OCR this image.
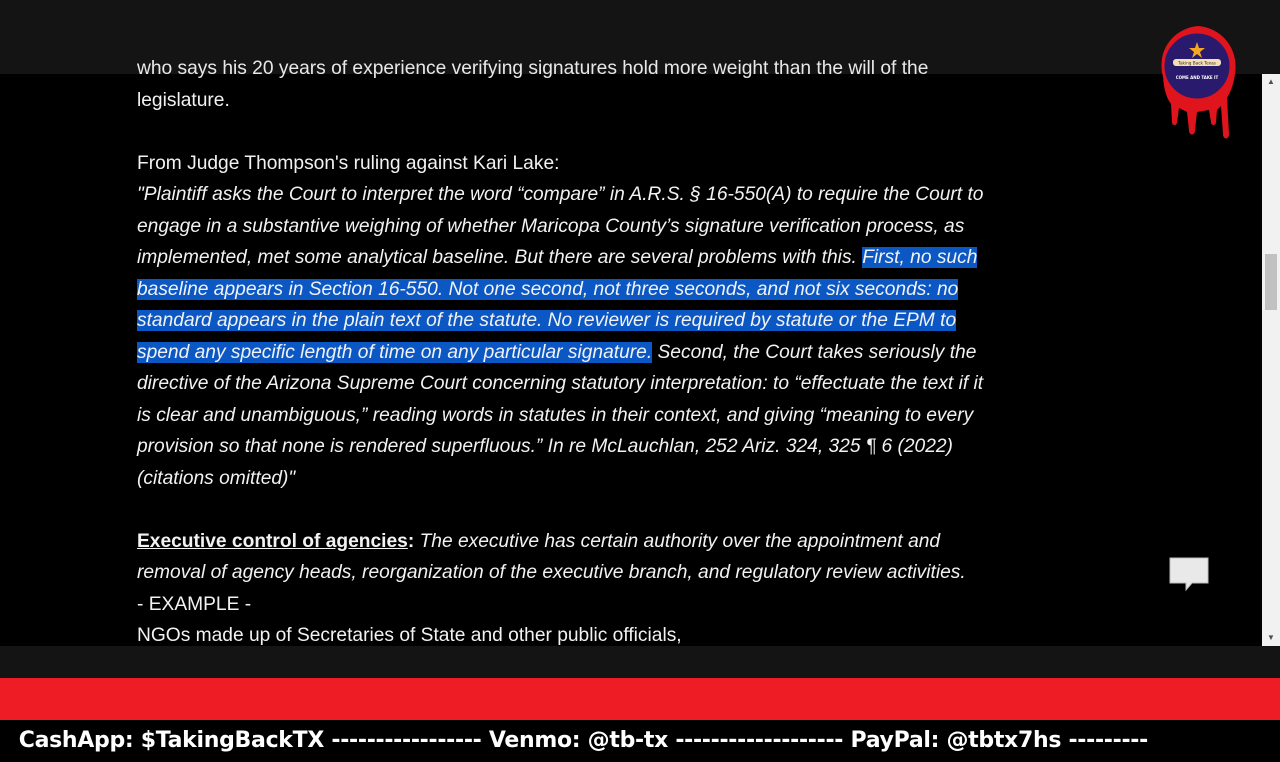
who says his 20 years of experience verifying signatures hold more weight than the will of the

legislature.

From Judge Thompson's ruling against Kari Lake:

"Plaintiff asks the Court to interpret the word “compare” in A.R.S. § 16-550(A) to require the Court to

engage in a substantive weighing of whether Maricopa County’s signature verification process, as

implemented, met some analytical baseline. But there are several problems with this. First, no such

baseline appears in Section 16-550. Not one second, not three seconds, and not six seconds: no

standard appears in the plain text of the statute. No reviewer is required by statute or the EPM to

spend any specific length of time on any particular signature. Second, the Court takes seriously the

directive of the Arizona Supreme Court concerning statutory interpretation: to “effectuate the text if it

is clear and unambiguous,” reading words in statutes in their context, and giving “meaning to every

provision so that none is rendered superfluous.” In re McLauchlan, 252 Ariz. 324, 325 ¶ 6 (2022)

(citations omitted)"

Executive control of agencies: The executive has certain authority over the appointment and

removal of agency heads, reorganization of the executive branch, and regulatory review activities.

- EXAMPLE -

NGOs made up of Secretaries of State and other public officials,

▲
▼
Taking Back Texas
COME AND TAKE IT

CashApp: $TakingBackTX ----------------- Venmo: @tb-tx ------------------- PayPal: @tbtx7hs ---------
